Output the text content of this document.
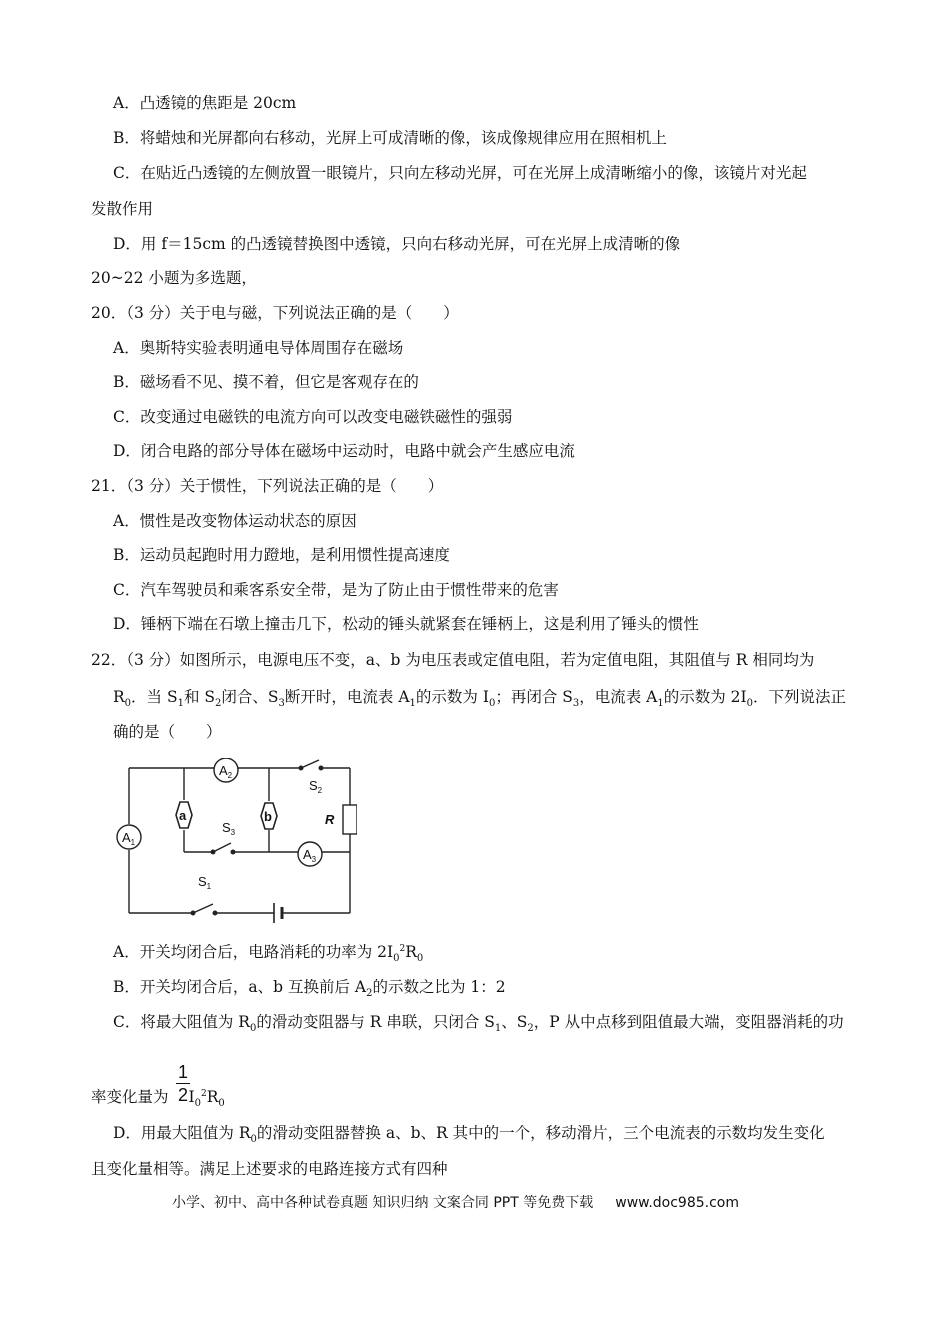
A．凸透镜的焦距是 20cm
B．将蜡烛和光屏都向右移动，光屏上可成清晰的像，该成像规律应用在照相机上
C．在贴近凸透镜的左侧放置一眼镜片，只向左移动光屏，可在光屏上成清晰缩小的像，该镜片对光起
发散作用
D．用 f＝15cm 的凸透镜替换图中透镜，只向右移动光屏，可在光屏上成清晰的像
20~22 小题为多选题，
20．（3 分）关于电与磁，下列说法正确的是（　　）
A．奥斯特实验表明通电导体周围存在磁场
B．磁场看不见、摸不着，但它是客观存在的
C．改变通过电磁铁的电流方向可以改变电磁铁磁性的强弱
D．闭合电路的部分导体在磁场中运动时，电路中就会产生感应电流
21．（3 分）关于惯性，下列说法正确的是（　　）
A．惯性是改变物体运动状态的原因
B．运动员起跑时用力蹬地，是利用惯性提高速度
C．汽车驾驶员和乘客系安全带，是为了防止由于惯性带来的危害
D．锤柄下端在石墩上撞击几下，松动的锤头就紧套在锤柄上，这是利用了锤头的惯性
22．（3 分）如图所示，电源电压不变，a、b 为电压表或定值电阻，若为定值电阻，其阻值与 R 相同均为
$R_0$．当 $S_1$和 $S_2$闭合、$S_3$断开时，电流表 $A_1$的示数为 $I_0$；再闭合 $S_3$，电流表 $A_1$的示数为 $2I_0$．下列说法正
确的是（　　）
$A_2$
$A_1$
$A_3$
a	b
$S_2$
$S_3$
$S_1$
R
A．开关均闭合后，电路消耗的功率为 $2I_0^2R_0$
B．开关均闭合后，a、b 互换前后 $A_2$的示数之比为 1：2
C．将最大阻值为 $R_0$的滑动变阻器与 R 串联，只闭合 $S_1$、$S_2$，P 从中点移到阻值最大端，变阻器消耗的功
率变化量为 $I_0^2R_0$
1
2
D．用最大阻值为 $R_0$的滑动变阻器替换 a、b、R 其中的一个，移动滑片，三个电流表的示数均发生变化
且变化量相等。满足上述要求的电路连接方式有四种
小学、初中、高中各种试卷真题 知识归纳 文案合同 PPT 等免费下载 www.doc985.com
